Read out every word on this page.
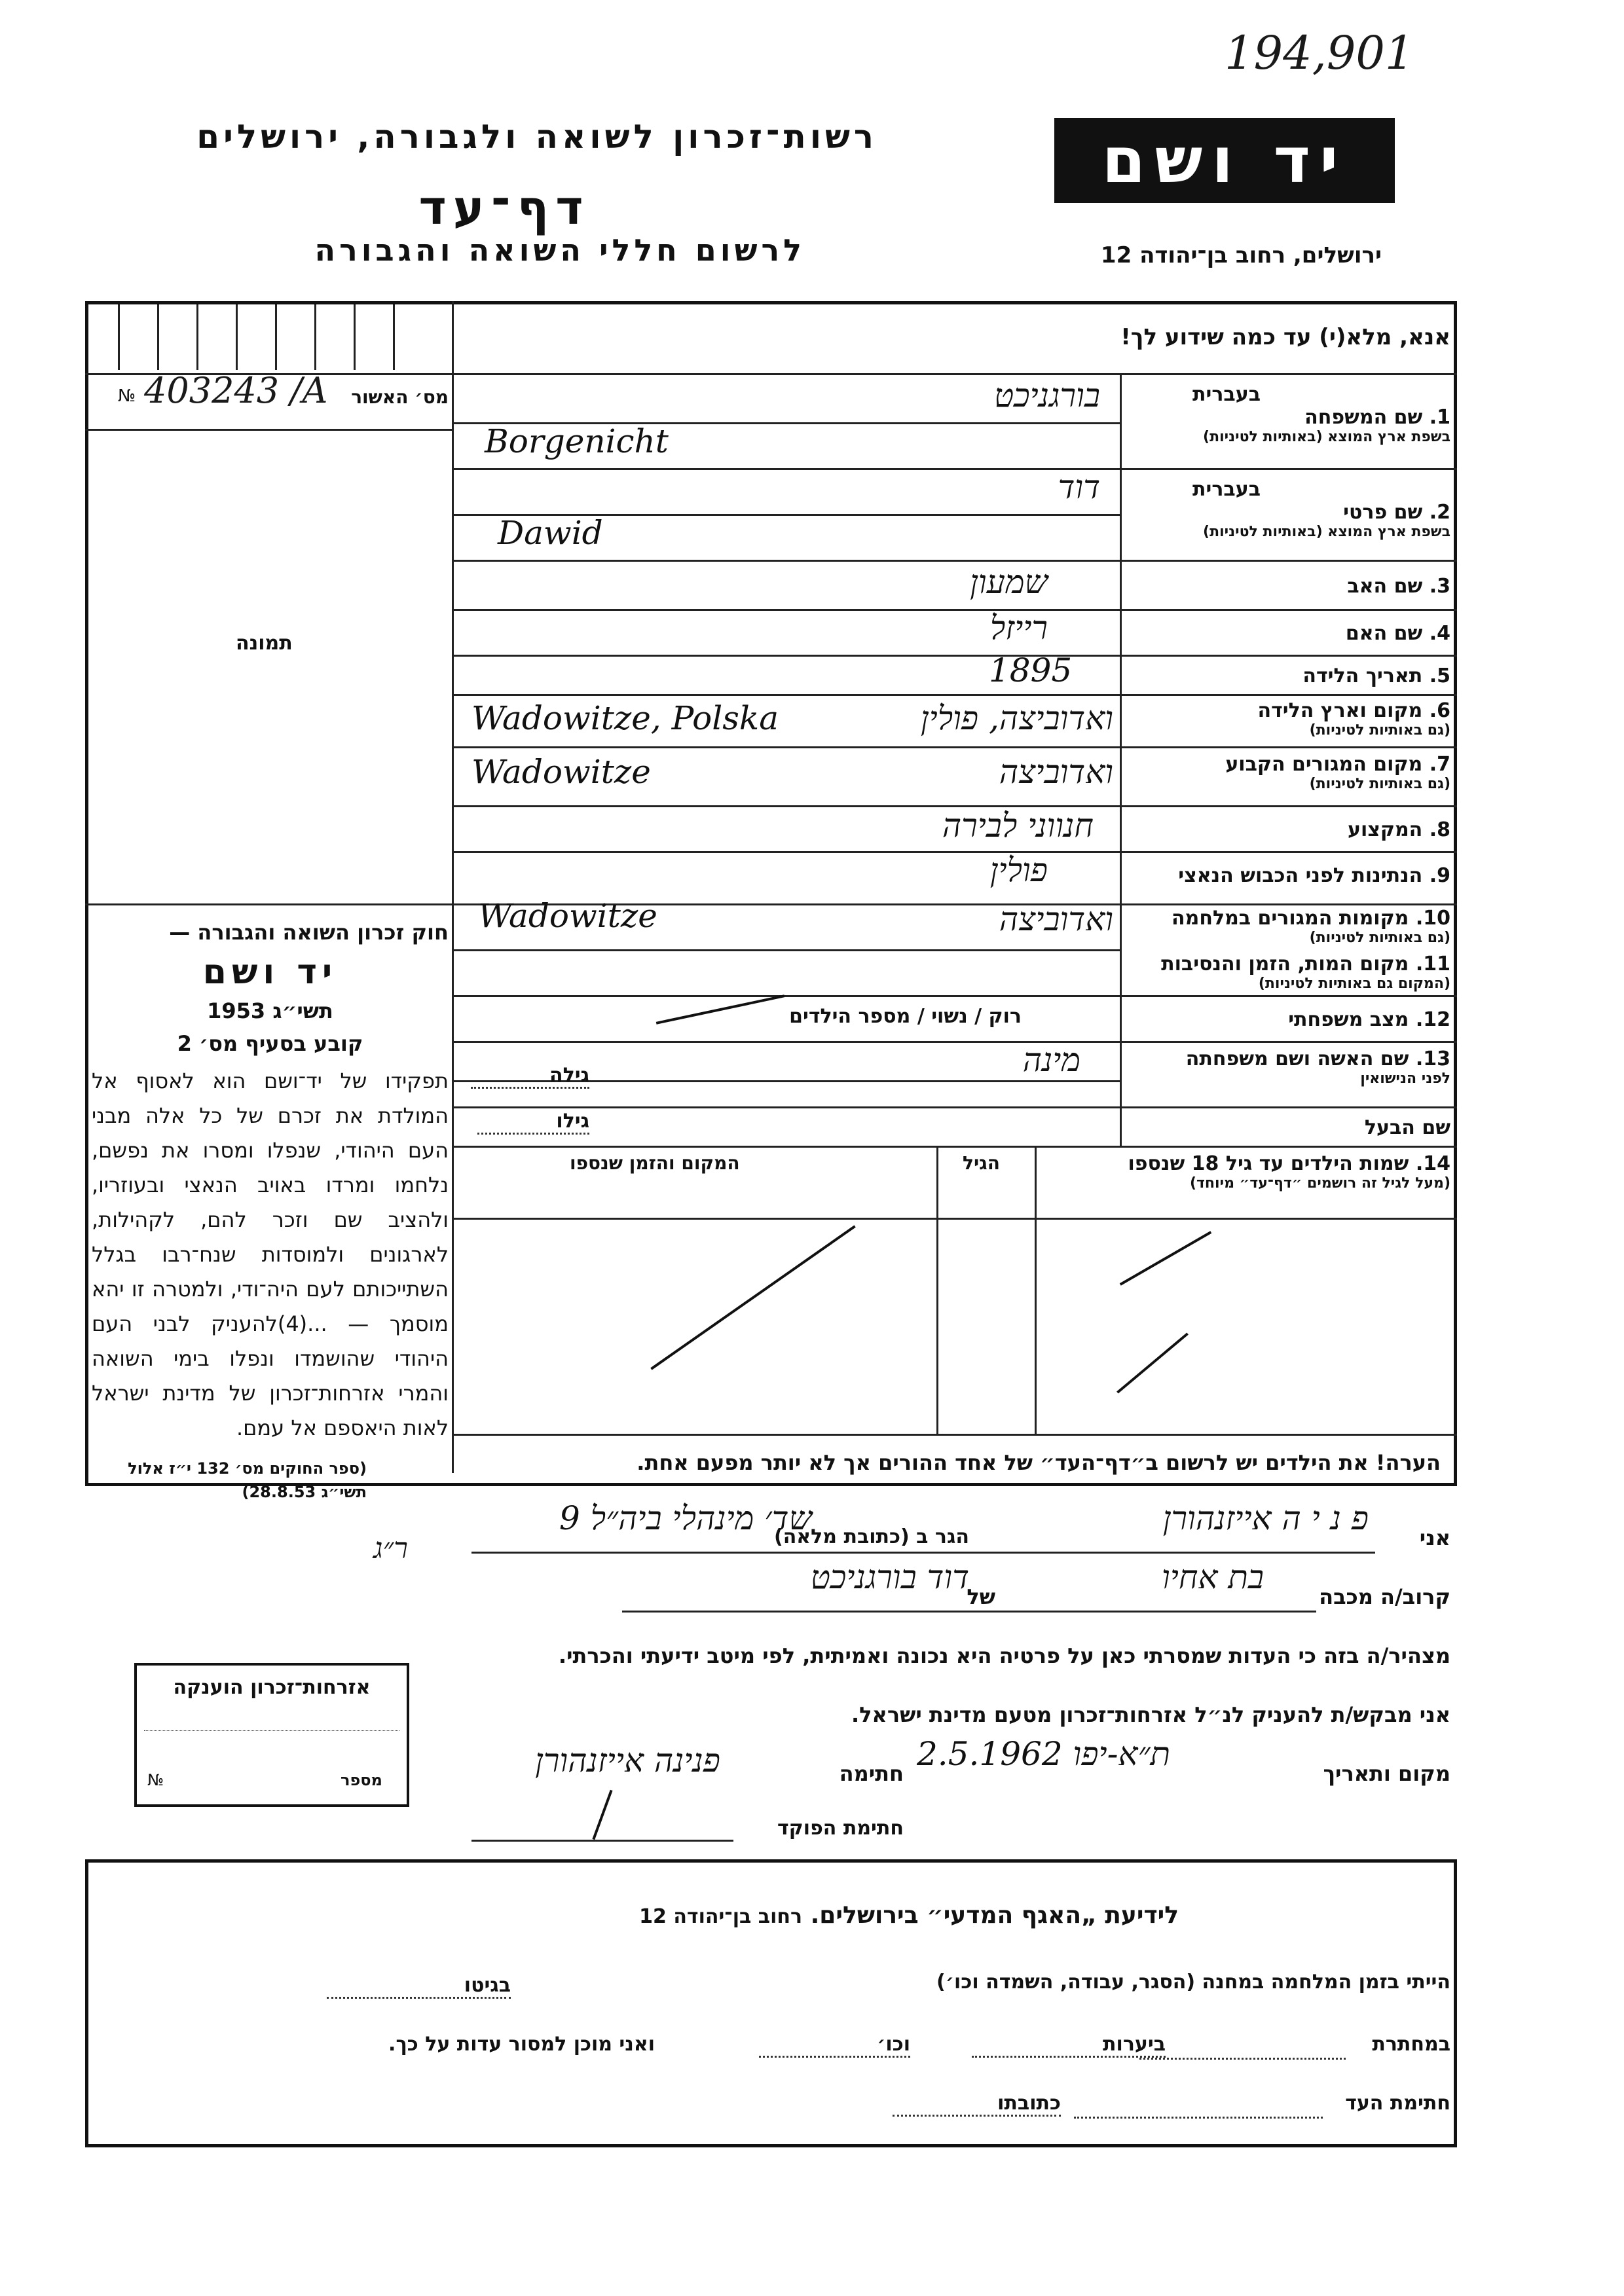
194,901
רשות־זכרון לשואה ולגבורה, ירושלים
דף־עד
לרשום חללי השואה והגבורה
יד ושם
ירושלים, רחוב בן־יהודה 12
אנא, מלא(י) עד כמה שידוע לך!
№ 403243 /A	מס׳ האשור
תמונה
חוק זכרון השואה והגבורה —
יד ושם
תשי״ג 1953
קובע בסעיף מס׳ 2
תפקידו של יד־ושם הוא לאסוף אל המולדת את זכרם של כל אלה מבני העם היהודי, שנפלו ומסרו את נפשם, נלחמו ומרדו באויב הנאצי ובעוזריו, ולהציב שם וזכר להם, לקהילות, לארגונים ולמוסדות שנח־רבו בגלל השתייכותם לעם היה־ודי, ולמטרה זו יהא מוסמך — ...(4)להעניק לבני העם היהודי שהושמדו ונפלו בימי השואה והמרי אזרחות־זכרון של מדינת ישראל לאות היאספם אל עמם.
(ספר החוקים מס׳ 132 י״ז אלול תשי״ג 28.8.53)
בעברית
1. שם המשפחה
בשפת ארץ המוצא (באותיות לטיניות)
בורגניכט
Borgenicht
בעברית
2. שם פרטי
בשפת ארץ המוצא (באותיות לטיניות)
דוד
Dawid
3. שם האב
שמעון
4. שם האם
רייזל
5. תאריך הלידה
1895
6. מקום וארץ הלידה
(גם באותיות לטיניות)
ואדוביצה, פולין
Wadowitze, Polska
7. מקום המגורים הקבוע
(גם באותיות לטיניות)
ואדוביצה
Wadowitze
8. המקצוע
חנווני לבירה
9. הנתינות לפני הכבוש הנאצי
פולין
10. מקומות המגורים במלחמה
(גם באותיות לטיניות)
ואדוביצה
Wadowitze
11. מקום המות, הזמן והנסיבות
(המקום גם באותיות לטיניות)
12. מצב משפחתי
רוק / נשוי / מספר הילדים
13. שם האשה ושם משפחתה
לפני הנישואין
מינה
גילה
שם הבעל
גילו
14. שמות הילדים עד גיל 18 שנספו
(מעל לגיל זה רושמים ״דף־עד״ מיוחד)
הגיל
המקום והזמן שנספו
הערה! את הילדים יש לרשום ב״דף־העד״ של אחד ההורים אך לא יותר מפעם אחת.
אני
פ נ י ה אייזנהורן
הגר ב (כתובת מלאה)
שד׳ מינהלי ביה״ל 9
קרוב/ה מכבה
בת אחיו
של
דוד בורגניכט
מצהיר/ה בזה כי העדות שמסרתי כאן על פרטיה היא נכונה ואמיתית, לפי מיטב ידיעתי והכרתי.
אני מבקש/ת להעניק לנ״ל אזרחות־זכרון מטעם מדינת ישראל.
מקום ותאריך
ת״א-יפו 2.5.1962
חתימה
פנינה אייזנהורן
חתימת הפוקד
ר״ג
אזרחות־זכרון הוענקה
№	מספר
לידיעת „האגף המדעי״ בירושלים. רחוב בן־יהודה 12
הייתי בזמן המלחמה במחנה (הסגר, עבודה, השמדה וכו׳)
בגיטו
במחתרת
ביערות
וכו׳
ואני מוכן למסור עדות על כך.
חתימת העד
כתובתו
